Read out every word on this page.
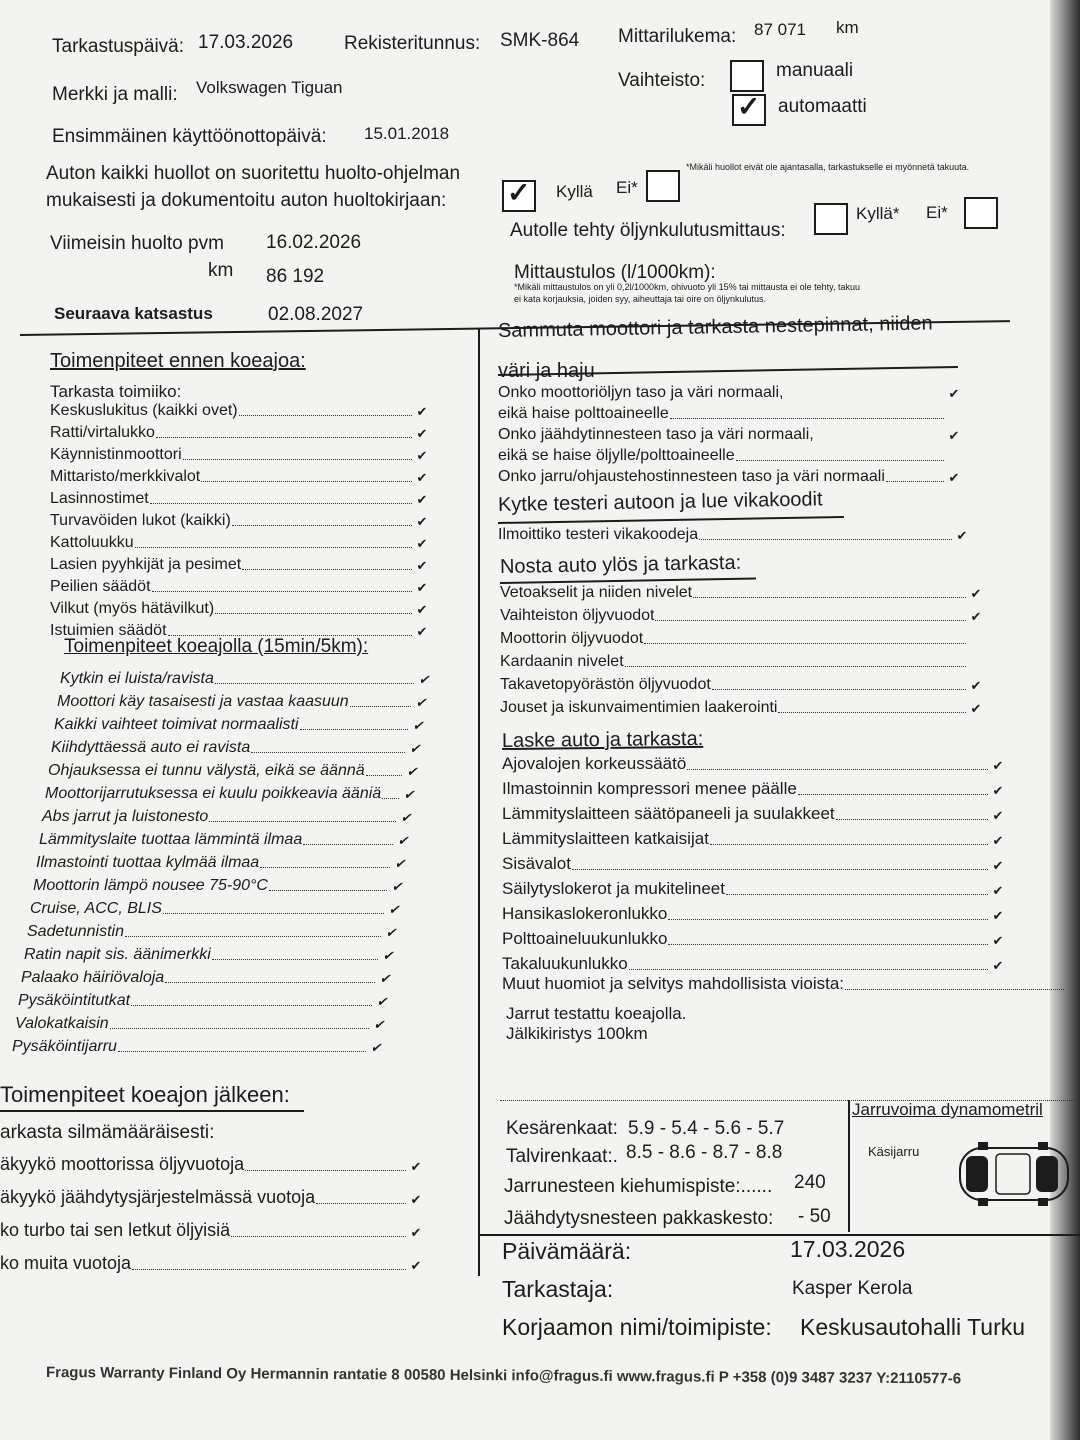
Tarkastuspäivä: 17.03.2026	Rekisteritunnus: SMK-864 Mittarilukema: 87 071 km
Merkki ja malli: Volkswagen Tiguan	Vaihteisto:	manuaali
✓
automaatti
Ensimmäinen käyttöönottopäivä: 15.01.2018
Auton kaikki huollot on suoritettu huolto-ohjelman
mukaisesti ja dokumentoitu auton huoltokirjaan:
✓	Kyllä Ei*
*Mikäli huollot eivät ole ajantasalla, tarkastukselle ei myönnetä takuuta.
Viimeisin huolto pvm 16.02.2026
km 86 192
Autolle tehty öljynkulutusmittaus:
Kyllä* Ei*
Mittaustulos (l/1000km):
*Mikäli mittaustulos on yli 0,2l/1000km, ohivuoto yli 15% tai mittausta ei ole tehty, takuu
ei kata korjauksia, joiden syy, aiheuttaja tai oire on öljynkulutus.
Seuraava katsastus	02.08.2027
Toimenpiteet ennen koeajoa:
Tarkasta toimiiko:
Toimenpiteet koeajolla (15min/5km):
Toimenpiteet koeajon jälkeen:
arkasta silmämääräisesti:
Sammuta moottori ja tarkasta nestepinnat, niiden
väri ja haju
Kytke testeri autoon ja lue vikakoodit
Nosta auto ylös ja tarkasta:
Laske auto ja tarkasta:
Muut huomiot ja selvitys mahdollisista vioista:
Jarrut testattu koeajolla.
Jälkikiristys 100km
Kesärenkaat: 5.9 - 5.4 - 5.6 - 5.7
Talvirenkaat:. 8.5 - 8.6 - 8.7 - 8.8
Jarrunesteen kiehumispiste:...... 240
Jäähdytysnesteen pakkaskesto: - 50
Jarruvoima dynamometril
Käsijarru
Päivämäärä:	17.03.2026
Tarkastaja:	Kasper Kerola
Korjaamon nimi/toimipiste: Keskusautohalli Turku
Fragus Warranty Finland Oy Hermannin rantatie 8 00580 Helsinki info@fragus.fi www.fragus.fi P +358 (0)9 3487 3237 Y:2110577-6
Keskuslukitus (kaikki ovet)	✔
Ratti/virtalukko	✔
Käynnistinmoottori	✔
Mittaristo/merkkivalot	✔
Lasinnostimet	✔
Turvavöiden lukot (kaikki)	✔
Kattoluukku	✔
Lasien pyyhkijät ja pesimet	✔
Peilien säädöt	✔
Vilkut (myös hätävilkut)	✔
Istuimien säädöt	✔
Kytkin ei luista/ravista	✔
Moottori käy tasaisesti ja vastaa kaasuun	✔
Kaikki vaihteet toimivat normaalisti	✔
Kiihdyttäessä auto ei ravista	✔
Ohjauksessa ei tunnu välystä, eikä se äännä	✔
Moottorijarrutuksessa ei kuulu poikkeavia ääniä ✔
Abs jarrut ja luistonesto	✔
Lämmityslaite tuottaa lämmintä ilmaa	✔
Ilmastointi tuottaa kylmää ilmaa	✔
Moottorin lämpö nousee 75-90°C	✔
Cruise, ACC, BLIS	✔
Sadetunnistin	✔
Ratin napit sis. äänimerkki	✔
Palaako häiriövaloja	✔
Pysäköintitutkat	✔
Valokatkaisin	✔
Pysäköintijarru	✔
äkyykö moottorissa öljyvuotoja	✔
äkyykö jäähdytysjärjestelmässä vuotoja	✔
ko turbo tai sen letkut öljyisiä	✔
ko muita vuotoja	✔
Onko moottoriöljyn taso ja väri normaali,	✔
eikä haise polttoaineelle
Onko jäähdytinnesteen taso ja väri normaali,	✔
eikä se haise öljylle/polttoaineelle
Onko jarru/ohjaustehostinnesteen taso ja väri normaali	✔
Ilmoittiko testeri vikakoodeja	✔
Vetoakselit ja niiden nivelet	✔
Vaihteiston öljyvuodot	✔
Moottorin öljyvuodot
Kardaanin nivelet
Takavetopyörästön öljyvuodot	✔
Jouset ja iskunvaimentimien laakerointi	✔
Ajovalojen korkeussäätö	✔
Ilmastoinnin kompressori menee päälle	✔
Lämmityslaitteen säätöpaneeli ja suulakkeet	✔
Lämmityslaitteen katkaisijat	✔
Sisävalot	✔
Säilytyslokerot ja mukitelineet	✔
Hansikaslokeronlukko	✔
Polttoaineluukunlukko	✔
Takaluukunlukko	✔
